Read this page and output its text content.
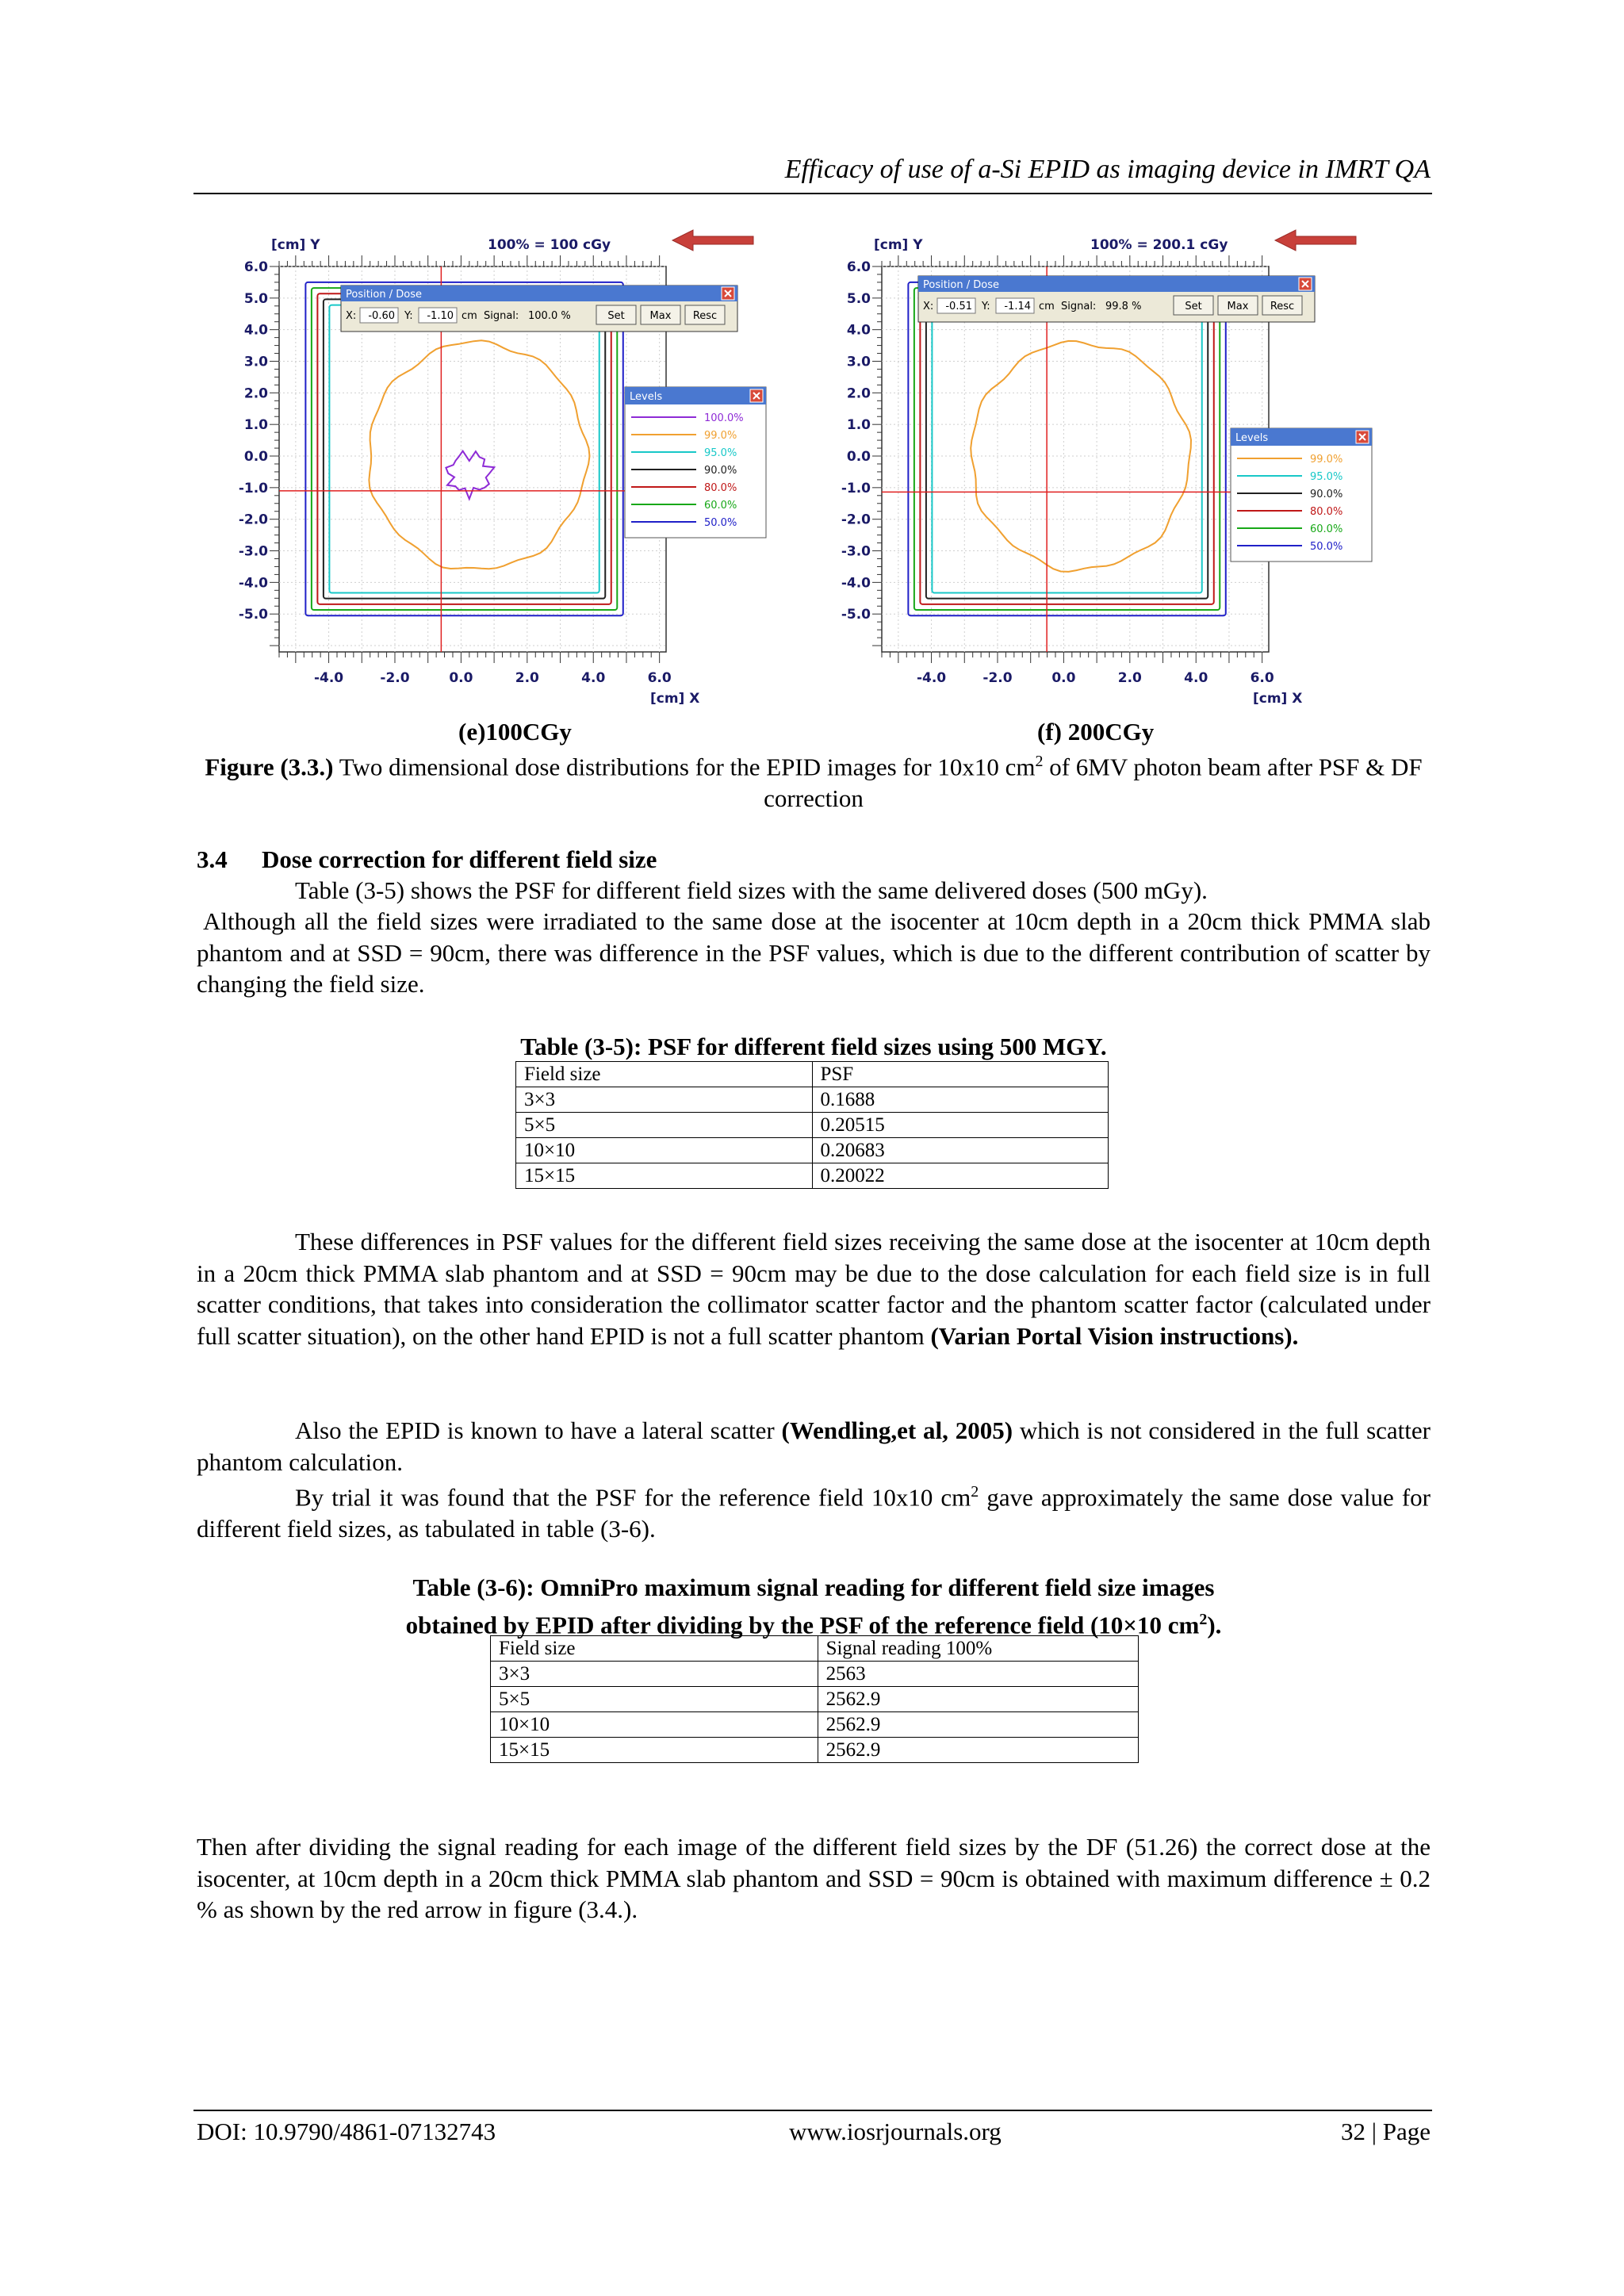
Efficacy of use of a-Si EPID as imaging device in IMRT QA
6.0
5.0
4.0
3.0
2.0
1.0
0.0
-1.0
-2.0
-3.0
-4.0
-5.0
-4.0	-2.0	0.0	2.0	4.0	6.0
[cm] Y
[cm] X
100% = 100 cGy
Position / Dose
X: -0.60 Y: -1.10 cm Signal: 100.0 %	Set Max Resc
Levels
100.0%
99.0%
95.0%
90.0%
80.0%
60.0%
50.0%
6.0
5.0
4.0
3.0
2.0
1.0
0.0
-1.0
-2.0
-3.0
-4.0
-5.0
-4.0	-2.0	0.0	2.0	4.0	6.0
[cm] Y
[cm] X
100% = 200.1 cGy
Position / Dose
X: -0.51 Y: -1.14 cm Signal: 99.8 %	Set Max Resc
Levels
99.0%
95.0%
90.0%
80.0%
60.0%
50.0%
(e)100CGy	(f) 200CGy
Figure (3.3.) Two dimensional dose distributions for the EPID images for 10x10 $cm^2$ of 6MV photon beam after PSF & DF correction
3.4 Dose correction for different field size
Table (3-5) shows the PSF for different field sizes with the same delivered doses (500 mGy).
Although all the field sizes were irradiated to the same dose at the isocenter at 10cm depth in a 20cm thick PMMA slab phantom and at SSD = 90cm, there was difference in the PSF values, which is due to the different contribution of scatter by changing the field size.
Table (3-5): PSF for different field sizes using 500 MGY.
Field size	PSF
3×3	0.1688
5×5	0.20515
10×10	0.20683
15×15	0.20022
These differences in PSF values for the different field sizes receiving the same dose at the isocenter at 10cm depth in a 20cm thick PMMA slab phantom and at SSD = 90cm may be due to the dose calculation for each field size is in full scatter conditions, that takes into consideration the collimator scatter factor and the phantom scatter factor (calculated under full scatter situation), on the other hand EPID is not a full scatter phantom (Varian Portal Vision instructions).
Also the EPID is known to have a lateral scatter (Wendling,et al, 2005) which is not considered in the full scatter phantom calculation.
By trial it was found that the PSF for the reference field 10x10 $cm^2$ gave approximately the same dose value for different field sizes, as tabulated in table (3-6).
Table (3-6): OmniPro maximum signal reading for different field size images obtained by EPID after dividing by the PSF of the reference field (10×10 $cm^2$).
Field size	Signal reading 100%
3×3	2563
5×5	2562.9
10×10	2562.9
15×15	2562.9
Then after dividing the signal reading for each image of the different field sizes by the DF (51.26) the correct dose at the isocenter, at 10cm depth in a 20cm thick PMMA slab phantom and SSD = 90cm is obtained with maximum difference ± 0.2 % as shown by the red arrow in figure (3.4.).
DOI: 10.9790/4861-07132743	www.iosrjournals.org	32 | Page
